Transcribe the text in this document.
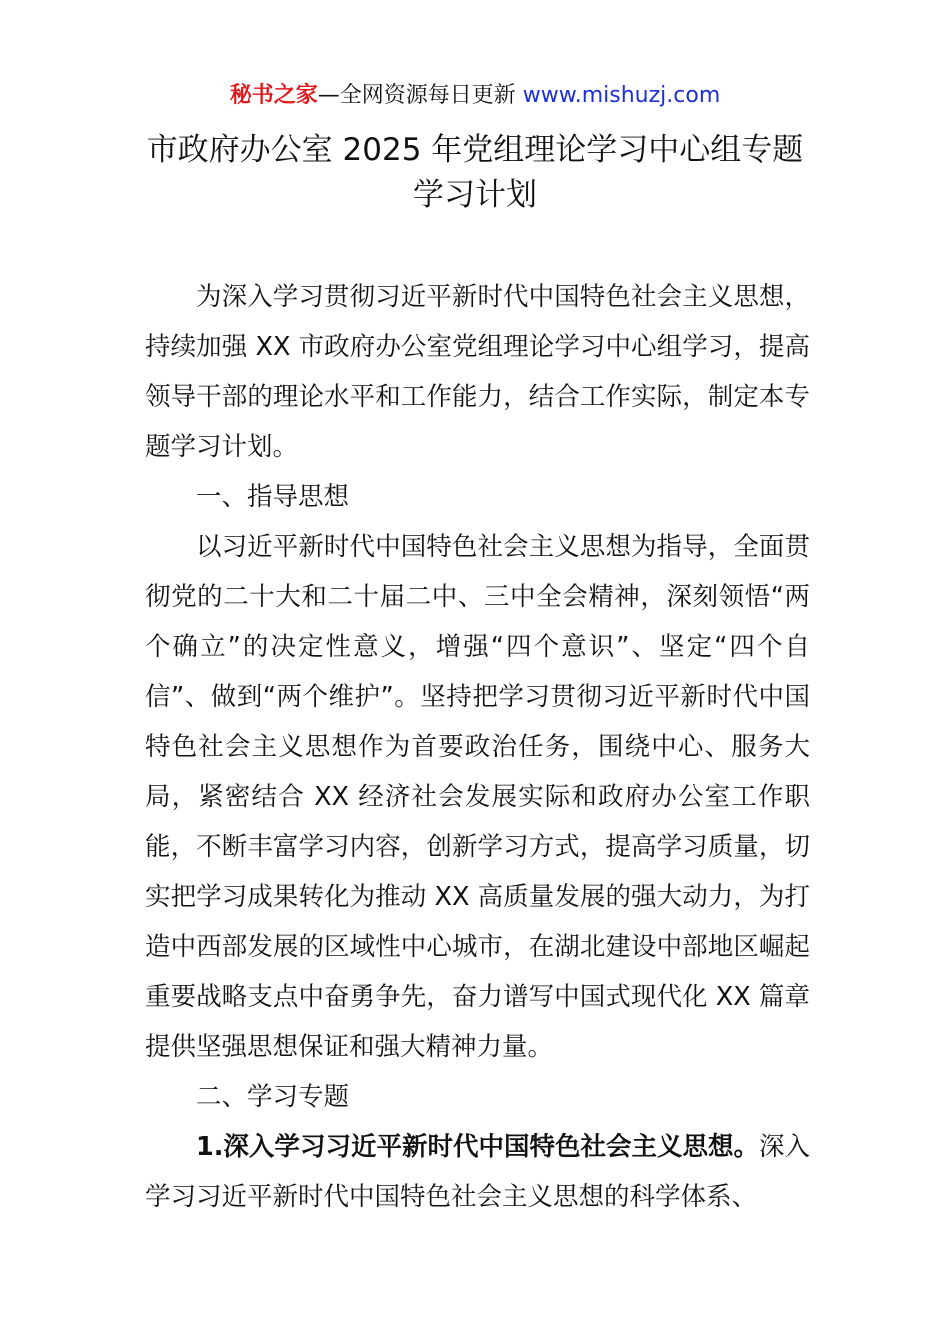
秘书之家—全网资源每日更新 www.mishuzj.com
市政府办公室 2025 年党组理论学习中心组专题
学习计划

为深入学习贯彻习近平新时代中国特色社会主义思想，持续加强 XX 市政府办公室党组理论学习中心组学习，提高领导干部的理论水平和工作能力，结合工作实际，制定本专题学习计划。

一、指导思想

以习近平新时代中国特色社会主义思想为指导，全面贯彻党的二十大和二十届二中、三中全会精神，深刻领悟“两个确立”的决定性意义，增强“四个意识”、坚定“四个自信”、做到“两个维护”。坚持把学习贯彻习近平新时代中国特色社会主义思想作为首要政治任务，围绕中心、服务大局，紧密结合 XX 经济社会发展实际和政府办公室工作职能，不断丰富学习内容，创新学习方式，提高学习质量，切实把学习成果转化为推动 XX 高质量发展的强大动力，为打造中西部发展的区域性中心城市，在湖北建设中部地区崛起重要战略支点中奋勇争先，奋力谱写中国式现代化 XX 篇章提供坚强思想保证和强大精神力量。

二、学习专题

1.深入学习习近平新时代中国特色社会主义思想。深入学习习近平新时代中国特色社会主义思想的科学体系、
